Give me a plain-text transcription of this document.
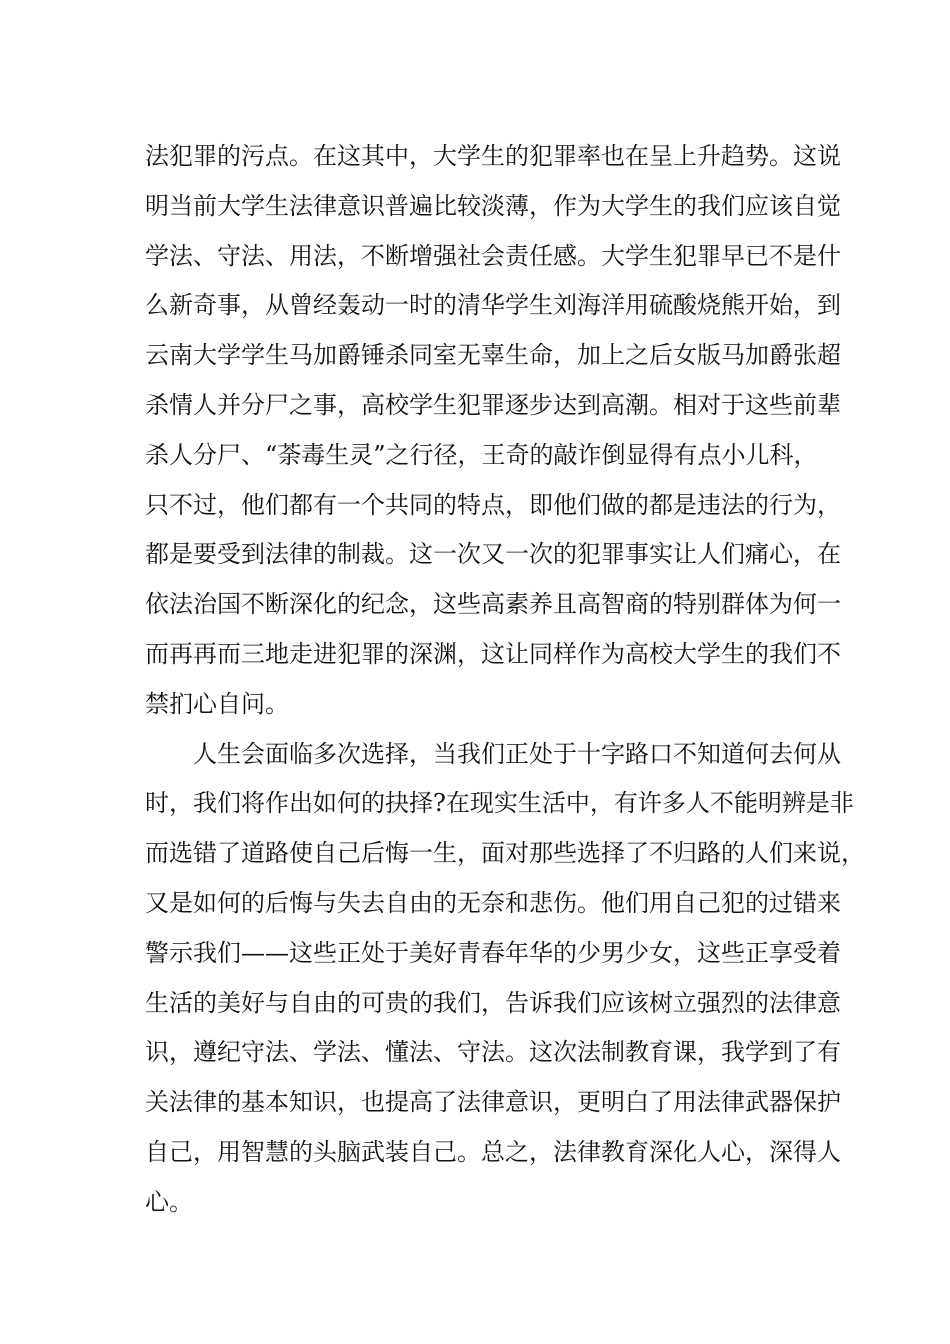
法犯罪的污点。在这其中，大学生的犯罪率也在呈上升趋势。这说
明当前大学生法律意识普遍比较淡薄，作为大学生的我们应该自觉
学法、守法、用法，不断增强社会责任感。大学生犯罪早已不是什
么新奇事，从曾经轰动一时的清华学生刘海洋用硫酸烧熊开始，到
云南大学学生马加爵锤杀同室无辜生命，加上之后女版马加爵张超
杀情人并分尸之事，高校学生犯罪逐步达到高潮。相对于这些前辈
杀人分尸、“荼毒生灵”之行径，王奇的敲诈倒显得有点小儿科，
只不过，他们都有一个共同的特点，即他们做的都是违法的行为，
都是要受到法律的制裁。这一次又一次的犯罪事实让人们痛心，在
依法治国不断深化的纪念，这些高素养且高智商的特别群体为何一
而再再而三地走进犯罪的深渊，这让同样作为高校大学生的我们不
禁扪心自问。
人生会面临多次选择，当我们正处于十字路口不知道何去何从
时，我们将作出如何的抉择?在现实生活中，有许多人不能明辨是非
而选错了道路使自己后悔一生，面对那些选择了不归路的人们来说，
又是如何的后悔与失去自由的无奈和悲伤。他们用自己犯的过错来
警示我们——这些正处于美好青春年华的少男少女，这些正享受着
生活的美好与自由的可贵的我们，告诉我们应该树立强烈的法律意
识，遵纪守法、学法、懂法、守法。这次法制教育课，我学到了有
关法律的基本知识，也提高了法律意识，更明白了用法律武器保护
自己，用智慧的头脑武装自己。总之，法律教育深化人心，深得人
心。
